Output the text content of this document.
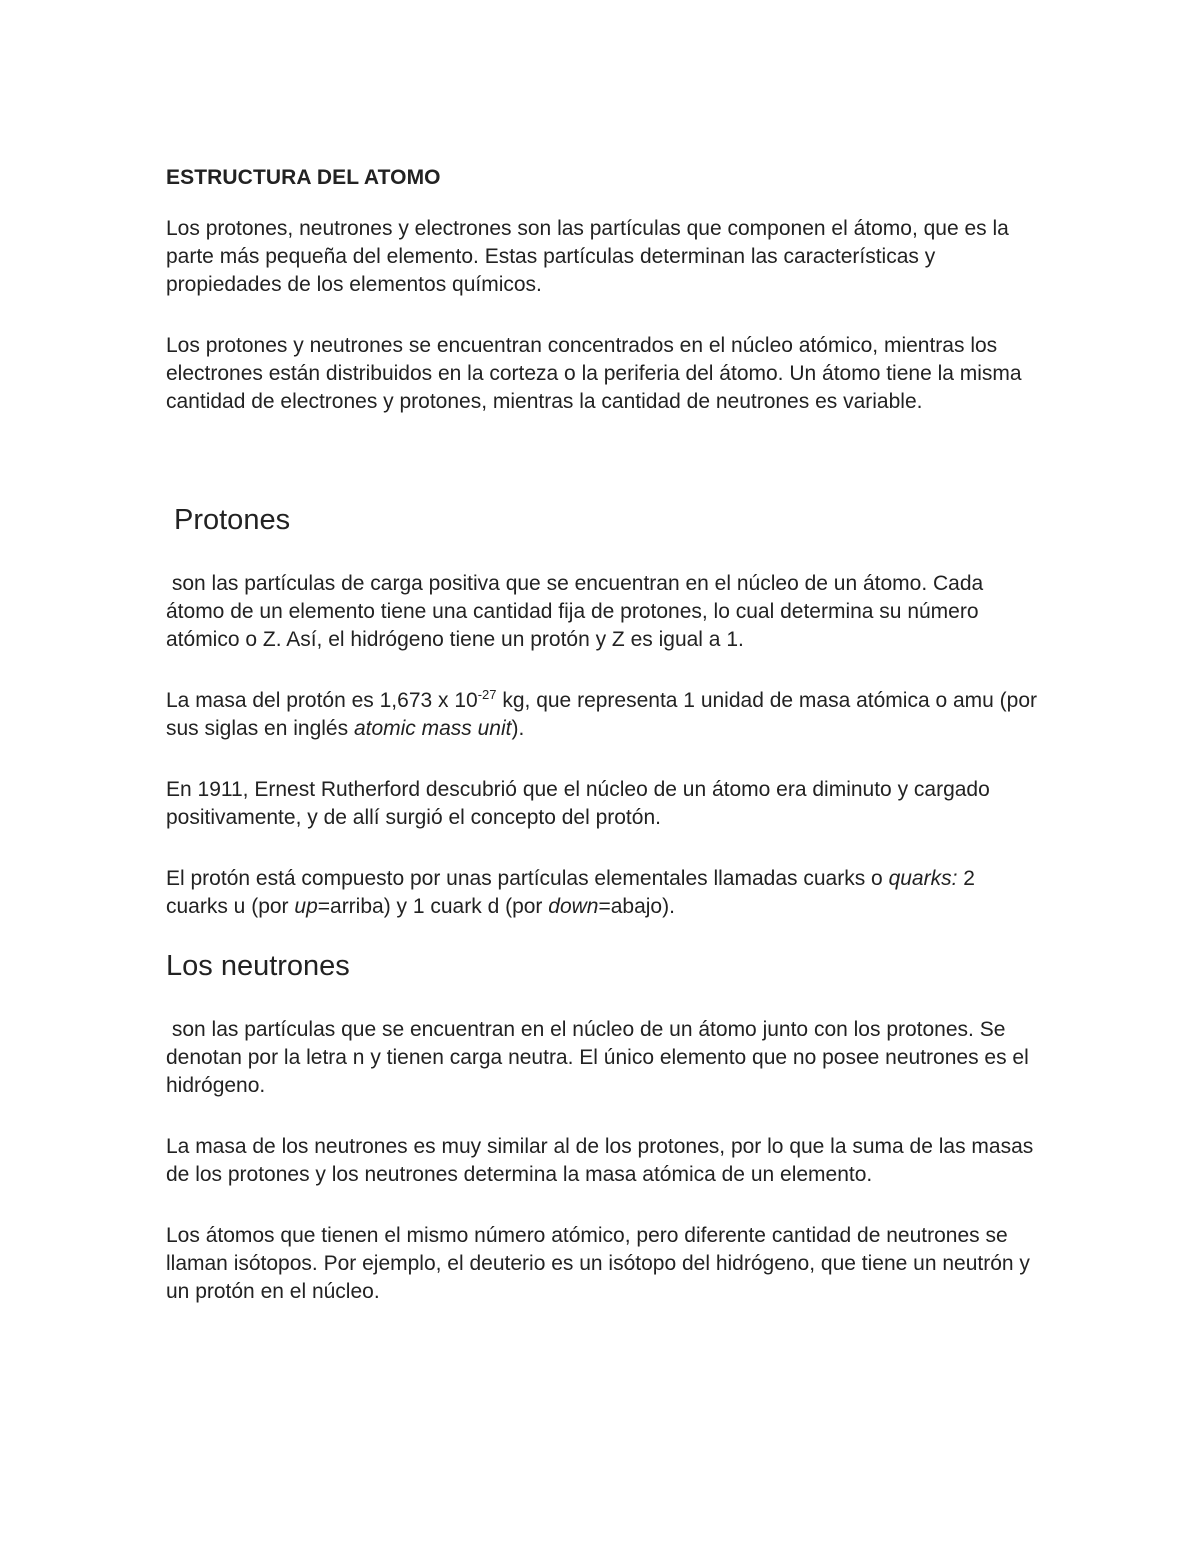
ESTRUCTURA DEL ATOMO

Los protones, neutrones y electrones son las partículas que componen el átomo, que es la parte más pequeña del elemento. Estas partículas determinan las características y propiedades de los elementos químicos.

Los protones y neutrones se encuentran concentrados en el núcleo atómico, mientras los electrones están distribuidos en la corteza o la periferia del átomo. Un átomo tiene la misma cantidad de electrones y protones, mientras la cantidad de neutrones es variable.

Protones

son las partículas de carga positiva que se encuentran en el núcleo de un átomo. Cada átomo de un elemento tiene una cantidad fija de protones, lo cual determina su número atómico o Z. Así, el hidrógeno tiene un protón y Z es igual a 1.

La masa del protón es 1,673 x $10^{-27}$ kg, que representa 1 unidad de masa atómica o amu (por sus siglas en inglés atomic mass unit).

En 1911, Ernest Rutherford descubrió que el núcleo de un átomo era diminuto y cargado positivamente, y de allí surgió el concepto del protón.

El protón está compuesto por unas partículas elementales llamadas cuarks o quarks: 2 cuarks u (por up=arriba) y 1 cuark d (por down=abajo).

Los neutrones

son las partículas que se encuentran en el núcleo de un átomo junto con los protones. Se denotan por la letra n y tienen carga neutra. El único elemento que no posee neutrones es el hidrógeno.

La masa de los neutrones es muy similar al de los protones, por lo que la suma de las masas de los protones y los neutrones determina la masa atómica de un elemento.

Los átomos que tienen el mismo número atómico, pero diferente cantidad de neutrones se llaman isótopos. Por ejemplo, el deuterio es un isótopo del hidrógeno, que tiene un neutrón y un protón en el núcleo.
